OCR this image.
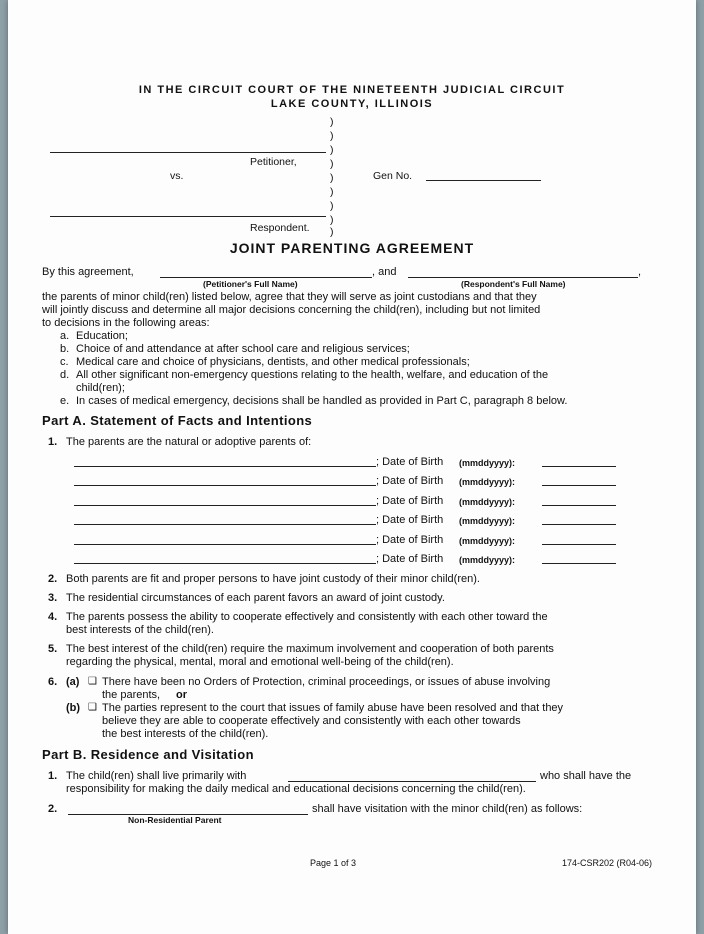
IN THE CIRCUIT COURT OF THE NINETEENTH JUDICIAL CIRCUIT
LAKE COUNTY, ILLINOIS
)
)
)
)
)
)
)
)
)
Petitioner,
vs.	Gen No.
Respondent.
JOINT PARENTING AGREEMENT
By this agreement,	, and	,
(Petitioner's Full Name)	(Respondent's Full Name)
the parents of minor child(ren) listed below, agree that they will serve as joint custodians and that they
will jointly discuss and determine all major decisions concerning the child(ren), including but not limited
to decisions in the following areas:
a. Education;
b. Choice of and attendance at after school care and religious services;
c. Medical care and choice of physicians, dentists, and other medical professionals;
d. All other significant non-emergency questions relating to the health, welfare, and education of the
child(ren);
e. In cases of medical emergency, decisions shall be handled as provided in Part C, paragraph 8 below.
Part A. Statement of Facts and Intentions
1. The parents are the natural or adoptive parents of:
; Date of Birth (mmddyyyy):
; Date of Birth (mmddyyyy):
; Date of Birth (mmddyyyy):
; Date of Birth (mmddyyyy):
; Date of Birth (mmddyyyy):
; Date of Birth (mmddyyyy):
2. Both parents are fit and proper persons to have joint custody of their minor child(ren).
3. The residential circumstances of each parent favors an award of joint custody.
4. The parents possess the ability to cooperate effectively and consistently with each other toward the
best interests of the child(ren).
5. The best interest of the child(ren) require the maximum involvement and cooperation of both parents
regarding the physical, mental, moral and emotional well-being of the child(ren).
6. (a) ❑ There have been no Orders of Protection, criminal proceedings, or issues of abuse involving
the parents, or
(b) ❑ The parties represent to the court that issues of family abuse have been resolved and that they
believe they are able to cooperate effectively and consistently with each other towards
the best interests of the child(ren).
Part B. Residence and Visitation
1. The child(ren) shall live primarily with	who shall have the
responsibility for making the daily medical and educational decisions concerning the child(ren).
2.	shall have visitation with the minor child(ren) as follows:
Non-Residential Parent
Page 1 of 3	174-CSR202 (R04-06)
